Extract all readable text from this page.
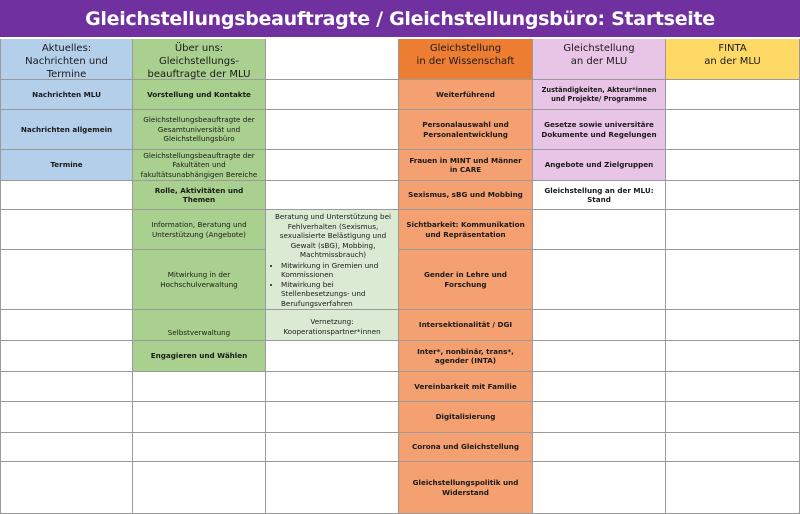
Gleichstellungsbeauftragte / Gleichstellungsbüro: Startseite
Aktuelles:
Nachrichten und Termine
Über uns: Gleichstellungs-
beauftragte der MLU
Gleichstellung
in der Wissenschaft
Gleichstellung
an der MLU
FINTA
an der MLU
Nachrichten MLU
Nachrichten allgemein
Termine
Vorstellung und Kontakte
Gleichstellungsbeauftragte der Gesamtuniversität und Gleichstellungsbüro
Gleichstellungsbeauftragte der Fakultäten und fakultätsunabhängigen Bereiche
Rolle, Aktivitäten und Themen
Information, Beratung und Unterstützung (Angebote)
Mitwirkung in der Hochschulverwaltung
Selbstverwaltung
Engagieren und Wählen
Beratung und Unterstützung bei Fehlverhalten (Sexismus, sexualisierte Belästigung und Gewalt (sBG), Mobbing, Machtmissbrauch)
• Mitwirkung in Gremien und Kommissionen
• Mitwirkung bei Stellenbesetzungs- und Berufungsverfahren
•
Vernetzung: Kooperationspartner*innen
Weiterführend
Personalauswahl und Personalentwicklung
Frauen in MINT und Männer in CARE
Sexismus, sBG und Mobbing
Sichtbarkeit: Kommunikation und Repräsentation
Gender in Lehre und Forschung
Intersektionalität / DGI
Inter*, nonbinär, trans*, agender (INTA)
Vereinbarkeit mit Familie
Digitalisierung
Corona und Gleichstellung
Gleichstellungspolitik und Widerstand
Zuständigkeiten, Akteur*innen und Projekte/ Programme
Gesetze sowie universitäre Dokumente und Regelungen
Angebote und Zielgruppen
Gleichstellung an der MLU: Stand
